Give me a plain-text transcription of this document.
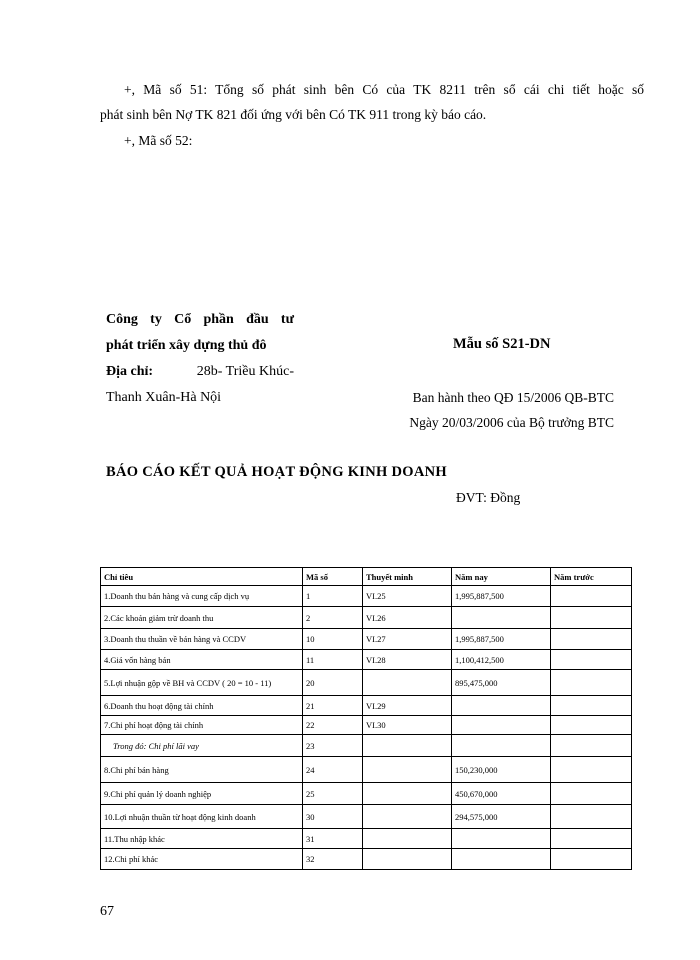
+, Mã số 51: Tổng số phát sinh bên Có của TK 8211 trên sổ cái chi tiết hoặc số
phát sinh bên Nợ TK 821 đối ứng với bên Có TK 911 trong kỳ báo cáo.
+, Mã số 52:
Công ty Cổ phần đầu tư
phát triển xây dựng thủ đô
Địa chỉ:	28b- Triều Khúc-
Thanh Xuân-Hà Nội
Mẫu số S21-DN
Ban hành theo QĐ 15/2006 QB-BTC
Ngày 20/03/2006 của Bộ trưởng BTC
BÁO CÁO KẾT QUẢ HOẠT ĐỘNG KINH DOANH
ĐVT: Đồng
Chỉ tiêu	Mã số	Thuyết minh	Năm nay	Năm trước
1.Doanh thu bán hàng và cung cấp dịch vụ	1	VI.25	1,995,887,500	
2.Các khoản giảm trừ doanh thu	2	VI.26		
3.Doanh thu thuần về bán hàng và CCDV	10	VI.27	1,995,887,500	
4.Giá vốn hàng bán	11	VI.28	1,100,412,500	
5.Lợi nhuận gộp về BH và CCDV ( 20 = 10 - 11)	20		895,475,000	
6.Doanh thu hoạt động tài chính	21	VI.29		
7.Chi phí hoạt động tài chính	22	VI.30		
Trong đó: Chi phí lãi vay	23			
8.Chi phí bán hàng	24		150,230,000	
9.Chi phí quản lý doanh nghiệp	25		450,670,000	
10.Lợi nhuận thuần từ hoạt động kinh doanh	30		294,575,000	
11.Thu nhập khác	31			
12.Chi phí khác	32			
67
